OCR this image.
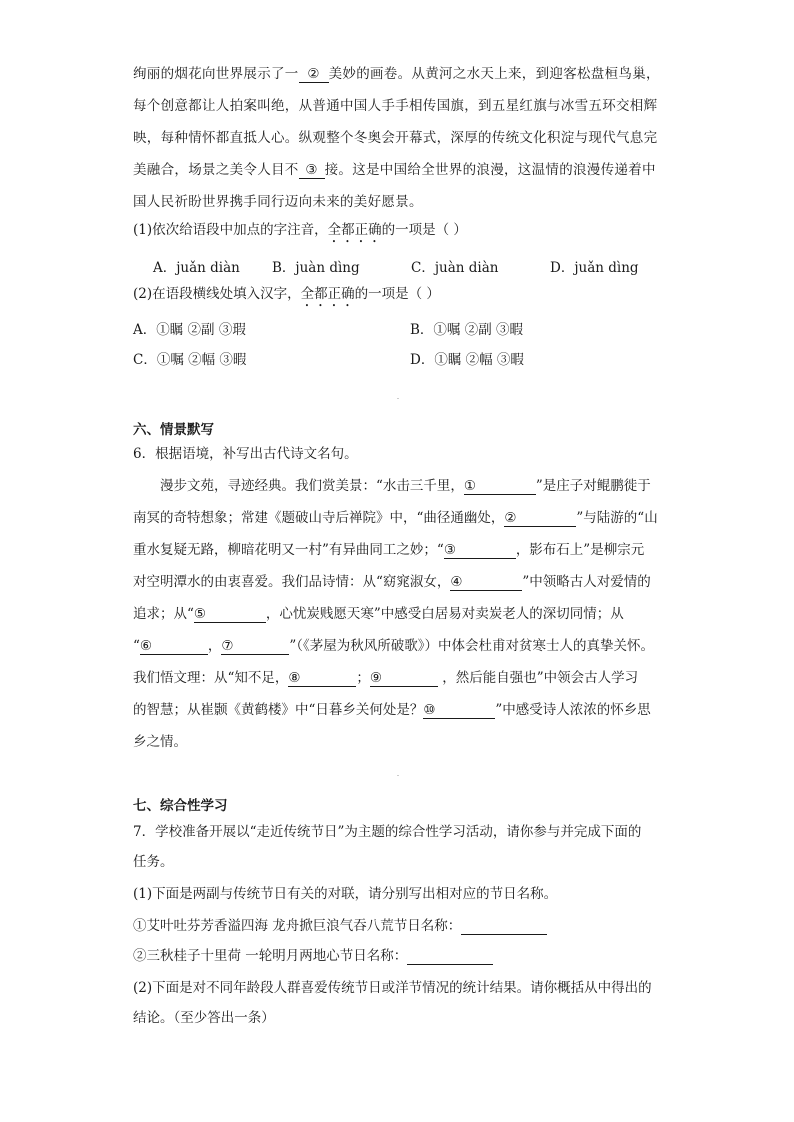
绚丽的烟花向世界展示了一 ② 美妙的画卷。从黄河之水天上来，到迎客松盘桓鸟巢，
每个创意都让人拍案叫绝，从普通中国人手手相传国旗，到五星红旗与冰雪五环交相辉
映，每种情怀都直抵人心。纵观整个冬奥会开幕式，深厚的传统文化积淀与现代气息完
美融合，场景之美令人目不 ③ 接。这是中国给全世界的浪漫，这温情的浪漫传递着中
国人民祈盼世界携手同行迈向未来的美好愿景。
(1)依次给语段中加点的字注音，全都正确的一项是（ ）
A．juǎn diàn B．juàn dìng	C．juàn diàn	D．juǎn dìng
(2)在语段横线处填入汉字，全都正确的一项是（ ）
A．①瞩 ②副 ③瑕	B．①嘱 ②副 ③暇
C．①嘱 ②幅 ③暇	D．①瞩 ②幅 ③暇
六、情景默写
6．根据语境，补写出古代诗文名句。
漫步文苑，寻迹经典。我们赏美景：“水击三千里，①	”是庄子对鲲鹏徙于
南冥的奇特想象；常建《题破山寺后禅院》中，“曲径通幽处，②	”与陆游的“山
重水复疑无路，柳暗花明又一村”有异曲同工之妙；“③	，影布石上”是柳宗元
对空明潭水的由衷喜爱。我们品诗情：从“窈窕淑女，④	”中领略古人对爱情的
追求；从“⑤	，心忧炭贱愿天寒”中感受白居易对卖炭老人的深切同情；从
“⑥	，⑦	”（《茅屋为秋风所破歌》）中体会杜甫对贫寒士人的真挚关怀。
我们悟文理：从“知不足，⑧	；⑨	，然后能自强也”中领会古人学习
的智慧；从崔颢《黄鹤楼》中“日暮乡关何处是？⑩	”中感受诗人浓浓的怀乡思
乡之情。
七、综合性学习
7．学校准备开展以“走近传统节日”为主题的综合性学习活动，请你参与并完成下面的
任务。
(1)下面是两副与传统节日有关的对联，请分别写出相对应的节日名称。
①艾叶吐芬芳香溢四海 龙舟掀巨浪气吞八荒节日名称：
②三秋桂子十里荷 一轮明月两地心节日名称：
(2)下面是对不同年龄段人群喜爱传统节日或洋节情况的统计结果。请你概括从中得出的
结论。（至少答出一条）
